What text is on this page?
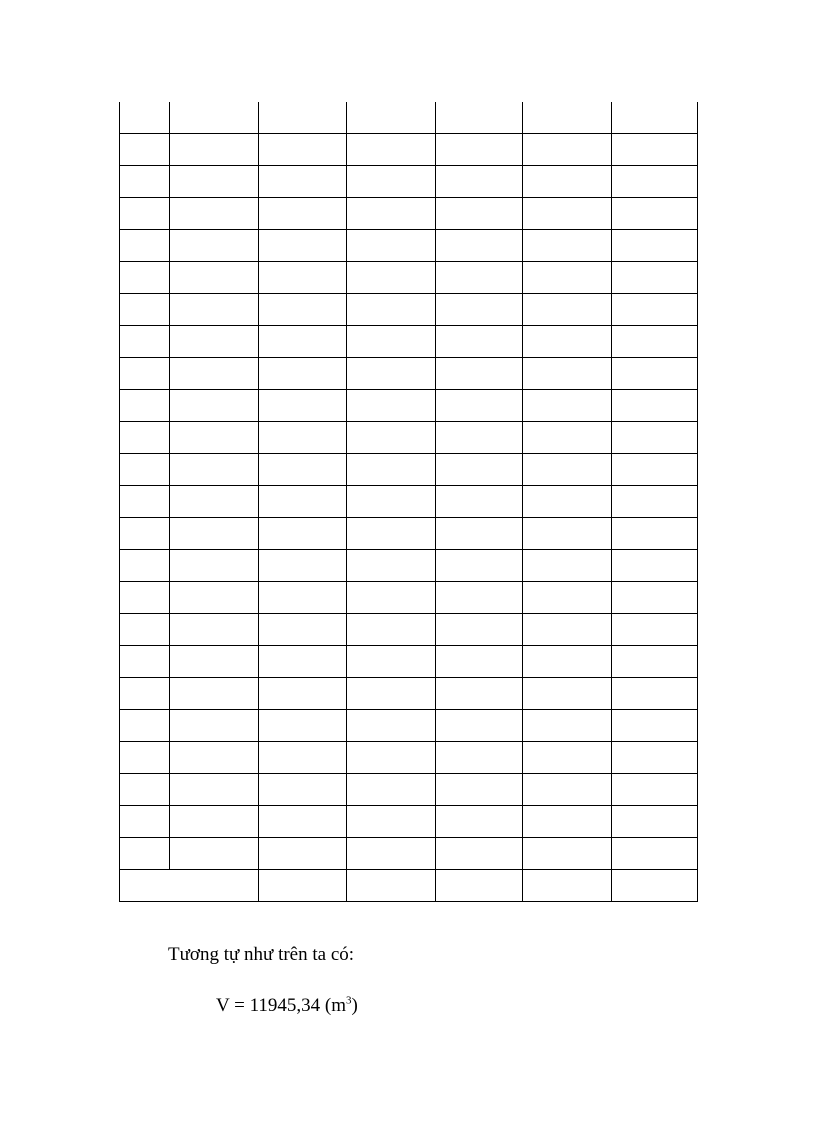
Tương tự như trên ta có:
V = 11945,34 $(m^3)$
